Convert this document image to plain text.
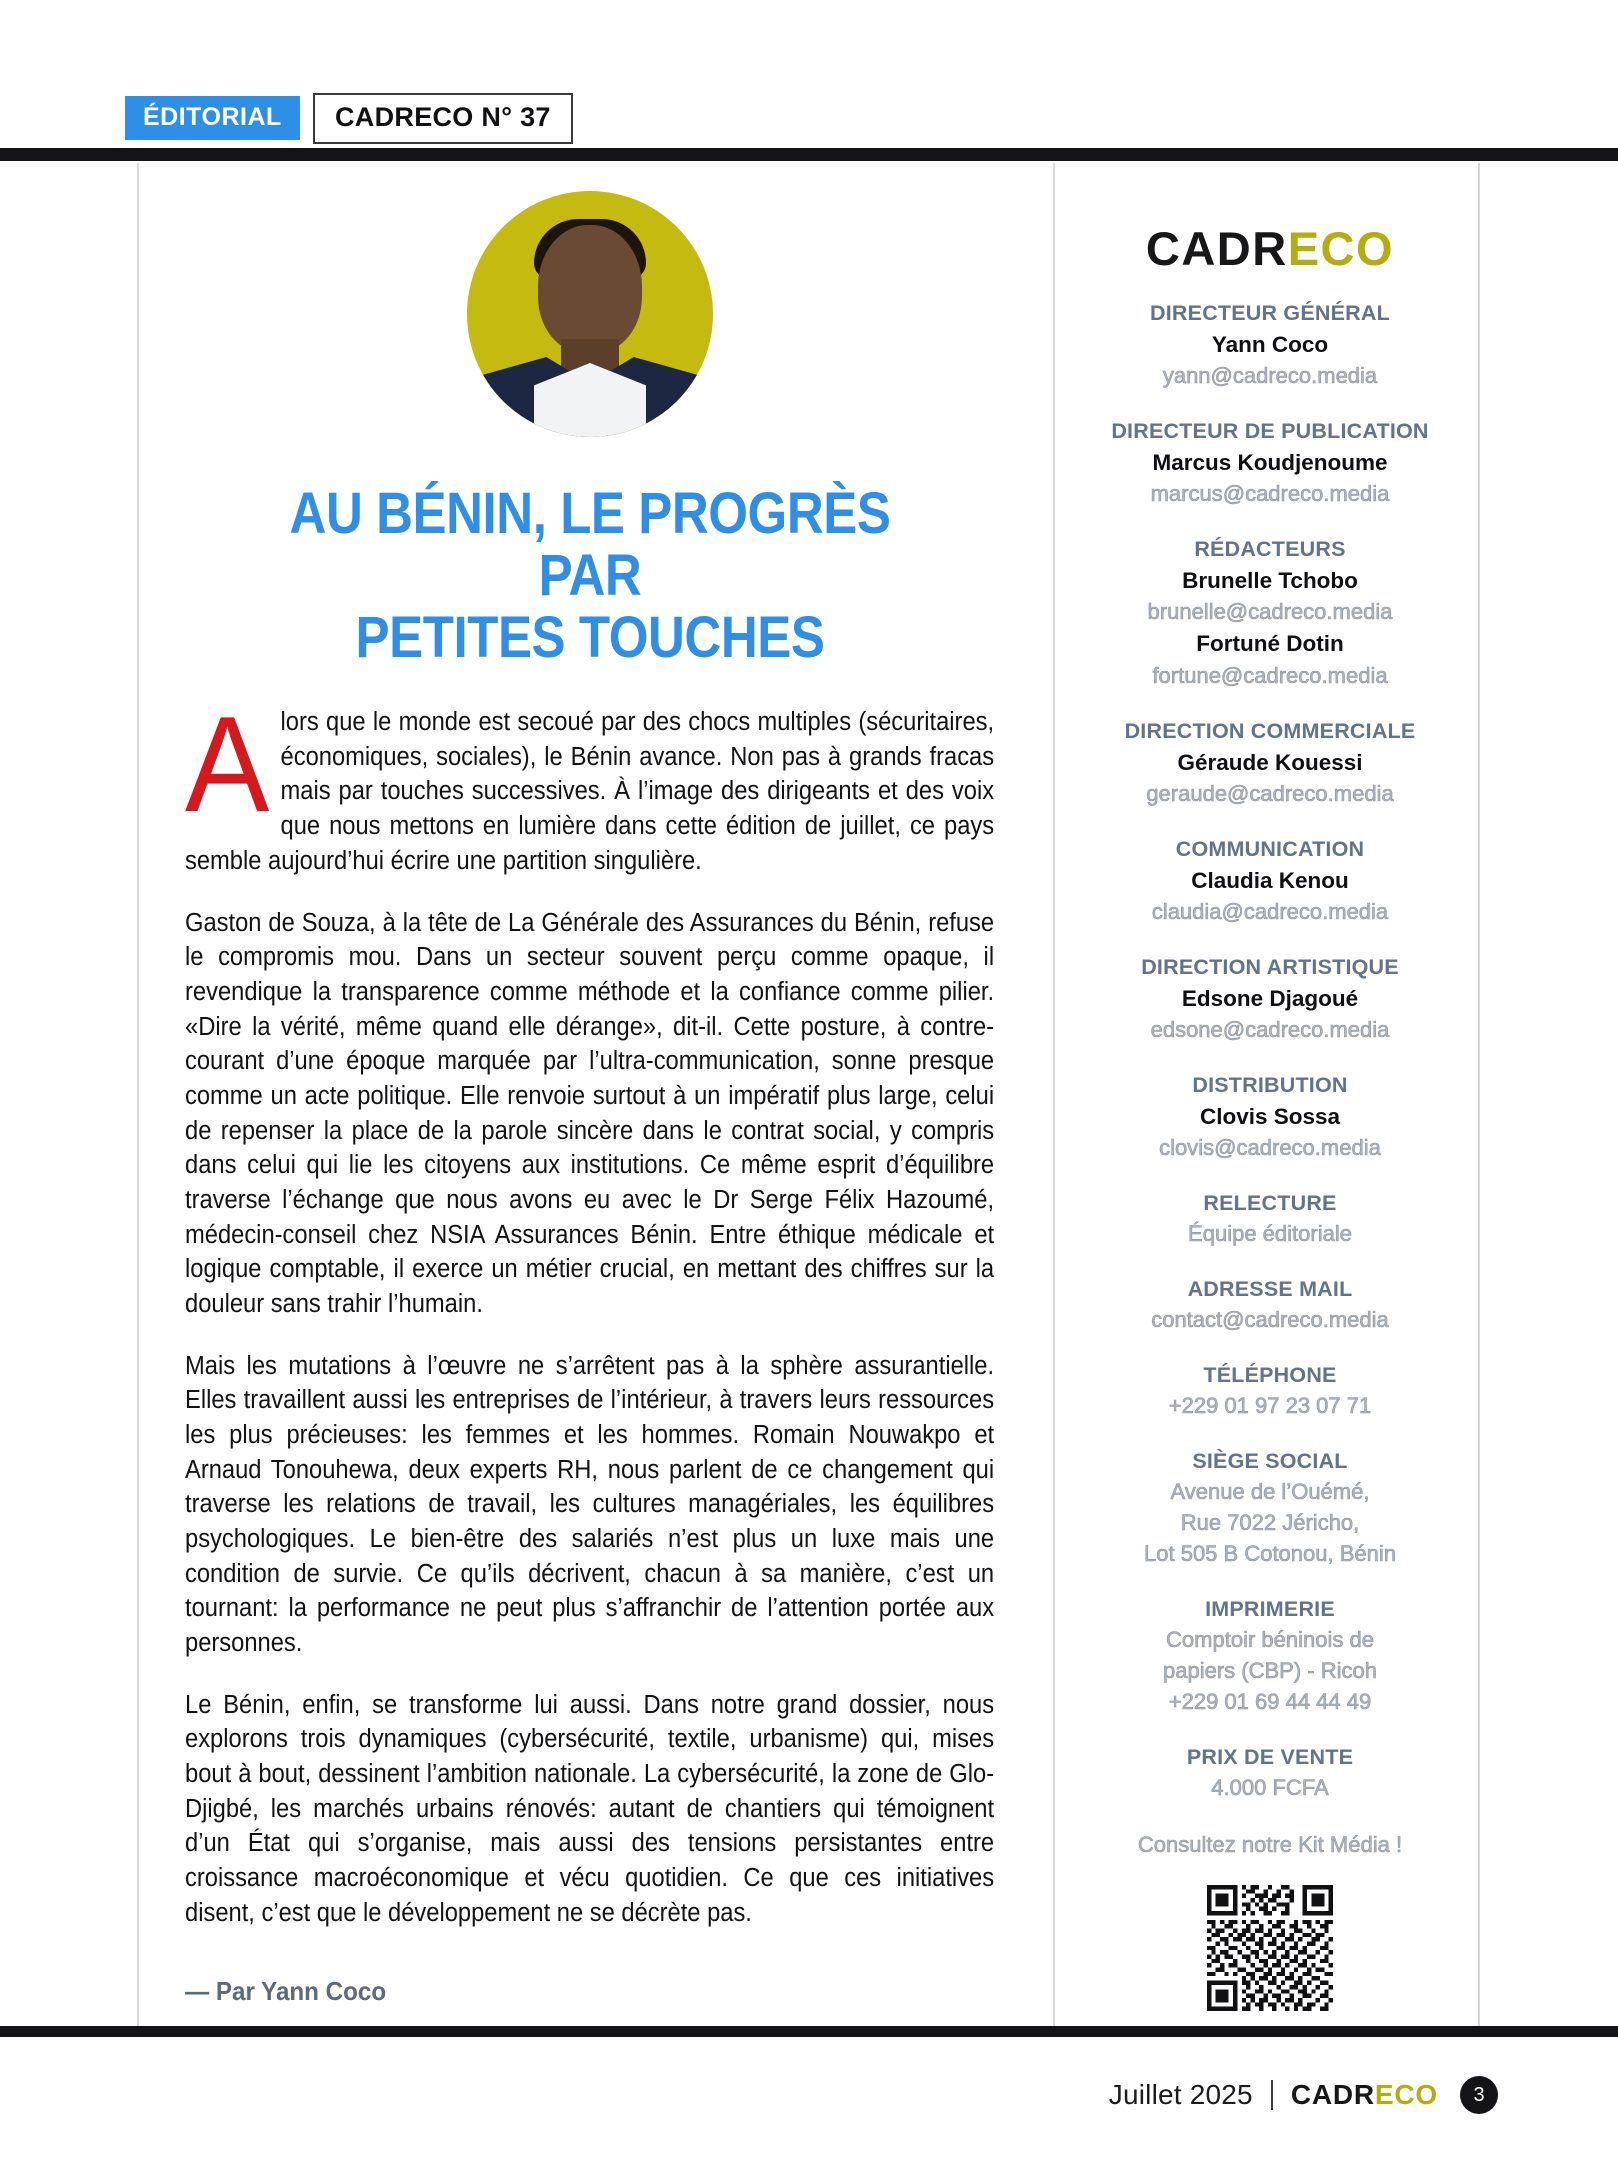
ÉDITORIAL	CADRECO N° 37
AU BÉNIN, LE PROGRÈS PAR
PETITES TOUCHES

Alors que le monde est secoué par des chocs multiples (sécuritaires, économiques, sociales), le Bénin avance. Non pas à grands fracas mais par touches successives. À l’image des dirigeants et des voix que nous mettons en lumière dans cette édition de juillet, ce pays semble aujourd’hui écrire une partition singulière.

Gaston de Souza, à la tête de La Générale des Assurances du Bénin, refuse le compromis mou. Dans un secteur souvent perçu comme opaque, il revendique la transparence comme méthode et la confiance comme pilier. «Dire la vérité, même quand elle dérange», dit-il. Cette posture, à contre-courant d’une époque marquée par l’ultra-communication, sonne presque comme un acte politique. Elle renvoie surtout à un impératif plus large, celui de repenser la place de la parole sincère dans le contrat social, y compris dans celui qui lie les citoyens aux institutions. Ce même esprit d’équilibre traverse l’échange que nous avons eu avec le Dr Serge Félix Hazoumé, médecin-conseil chez NSIA Assurances Bénin. Entre éthique médicale et logique comptable, il exerce un métier crucial, en mettant des chiffres sur la douleur sans trahir l’humain.

Mais les mutations à l’œuvre ne s’arrêtent pas à la sphère assurantielle. Elles travaillent aussi les entreprises de l’intérieur, à travers leurs ressources les plus précieuses: les femmes et les hommes. Romain Nouwakpo et Arnaud Tonouhewa, deux experts RH, nous parlent de ce changement qui traverse les relations de travail, les cultures managériales, les équilibres psychologiques. Le bien-être des salariés n’est plus un luxe mais une condition de survie. Ce qu’ils décrivent, chacun à sa manière, c’est un tournant: la performance ne peut plus s’affranchir de l’attention portée aux personnes.

Le Bénin, enfin, se transforme lui aussi. Dans notre grand dossier, nous explorons trois dynamiques (cybersécurité, textile, urbanisme) qui, mises bout à bout, dessinent l’ambition nationale. La cybersécurité, la zone de Glo-Djigbé, les marchés urbains rénovés: autant de chantiers qui témoignent d’un État qui s’organise, mais aussi des tensions persistantes entre croissance macroéconomique et vécu quotidien. Ce que ces initiatives disent, c’est que le développement ne se décrète pas.

— Par Yann Coco
CADRECO
DIRECTEUR GÉNÉRAL
Yann Coco
yann@cadreco.media
DIRECTEUR DE PUBLICATION
Marcus Koudjenoume
marcus@cadreco.media
RÉDACTEURS
Brunelle Tchobo
brunelle@cadreco.media
Fortuné Dotin
fortune@cadreco.media
DIRECTION COMMERCIALE
Géraude Kouessi
geraude@cadreco.media
COMMUNICATION
Claudia Kenou
claudia@cadreco.media
DIRECTION ARTISTIQUE
Edsone Djagoué
edsone@cadreco.media
DISTRIBUTION
Clovis Sossa
clovis@cadreco.media
RELECTURE
Équipe éditoriale
ADRESSE MAIL
contact@cadreco.media
TÉLÉPHONE
+229 01 97 23 07 71
SIÈGE SOCIAL
Avenue de l’Ouémé,
Rue 7022 Jéricho,
Lot 505 B Cotonou, Bénin
IMPRIMERIE
Comptoir béninois de
papiers (CBP) - Ricoh
+229 01 69 44 44 49
PRIX DE VENTE
4.000 FCFA
Consultez notre Kit Média !
Juillet 2025 CADRECO	3
